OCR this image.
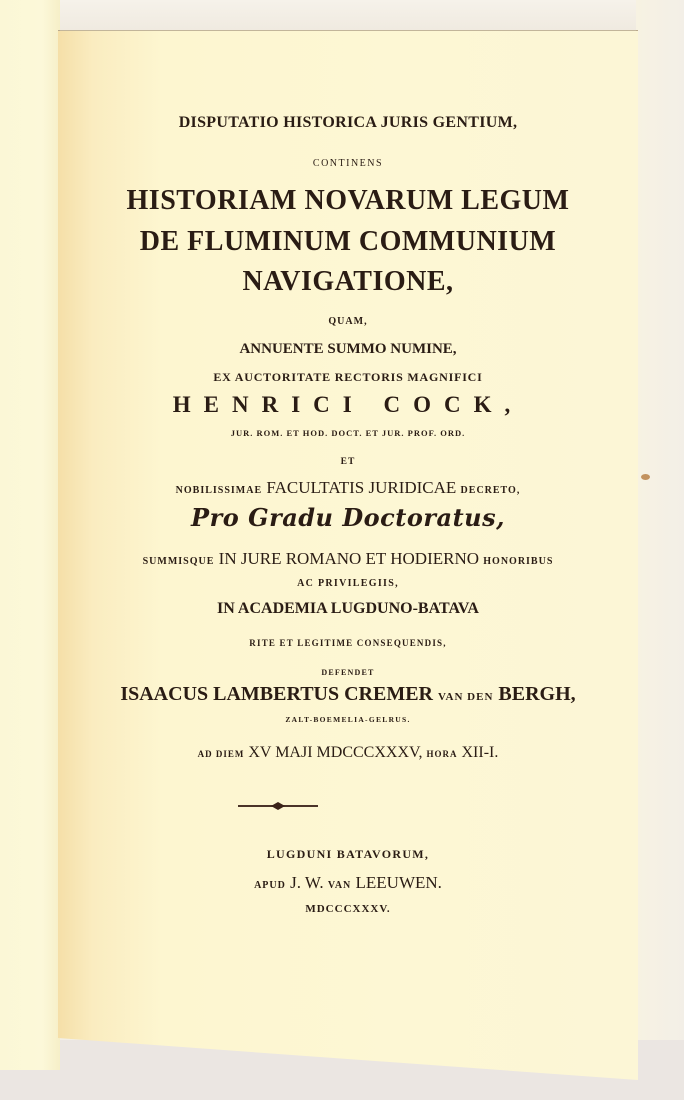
DISPUTATIO HISTORICA JURIS GENTIUM,
CONTINENS
HISTORIAM NOVARUM LEGUM
DE FLUMINUM COMMUNIUM
NAVIGATIONE,
QUAM,
ANNUENTE SUMMO NUMINE,
EX AUCTORITATE RECTORIS MAGNIFICI
HENRICI COCK,
JUR. ROM. ET HOD. DOCT. ET JUR. PROF. ORD.
ET
NOBILISSIMAE FACULTATIS JURIDICAE DECRETO,
Pro Gradu Doctoratus,
SUMMISQUE IN JURE ROMANO ET HODIERNO HONORIBUS
AC PRIVILEGIIS,
IN ACADEMIA LUGDUNO-BATAVA
RITE ET LEGITIME CONSEQUENDIS,
DEFENDET
ISAACUS LAMBERTUS CREMER VAN DEN BERGH,
ZALT-BOEMELIA-GELRUS.
AD DIEM XV MAJI MDCCCXXXV, HORA XII-I.
LUGDUNI BATAVORUM,
APUD J. W. VAN LEEUWEN.
MDCCCXXXV.
